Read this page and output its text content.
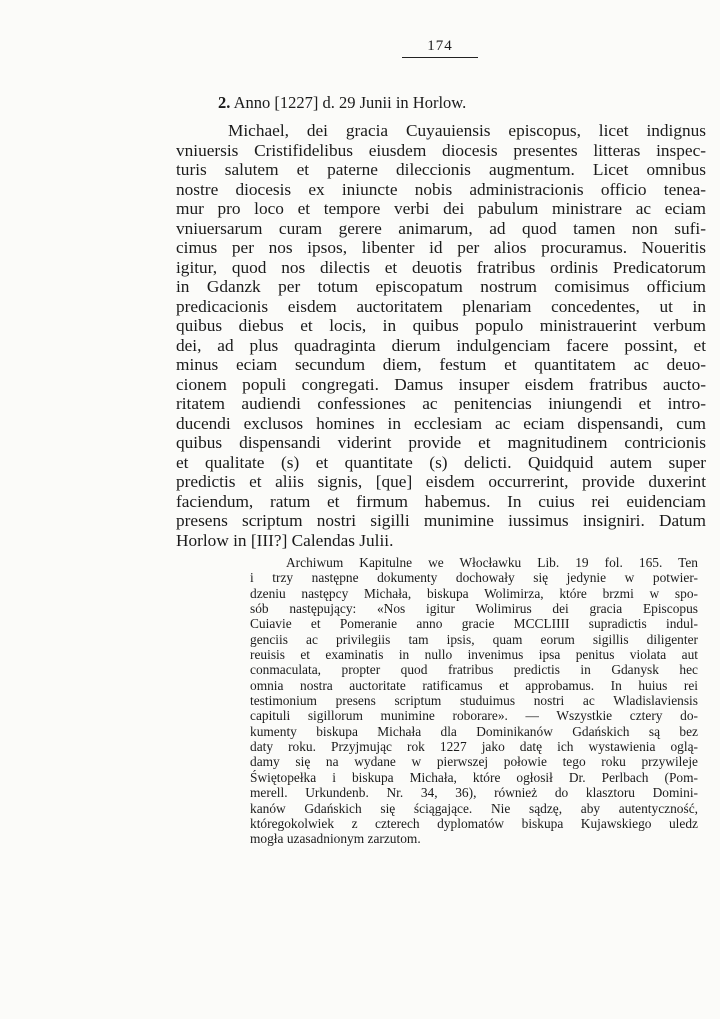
174
2. Anno [1227] d. 29 Junii in Horlow.
Michael, dei gracia Cuyauiensis episcopus, licet indignus
vniuersis Cristifidelibus eiusdem diocesis presentes litteras inspec-
turis salutem et paterne dileccionis augmentum. Licet omnibus
nostre diocesis ex iniuncte nobis administracionis officio tenea-
mur pro loco et tempore verbi dei pabulum ministrare ac eciam
vniuersarum curam gerere animarum, ad quod tamen non sufi-
cimus per nos ipsos, libenter id per alios procuramus. Noueritis
igitur, quod nos dilectis et deuotis fratribus ordinis Predicatorum
in Gdanzk per totum episcopatum nostrum comisimus officium
predicacionis eisdem auctoritatem plenariam concedentes, ut in
quibus diebus et locis, in quibus populo ministrauerint verbum
dei, ad plus quadraginta dierum indulgenciam facere possint, et
minus eciam secundum diem, festum et quantitatem ac deuo-
cionem populi congregati. Damus insuper eisdem fratribus aucto-
ritatem audiendi confessiones ac penitencias iniungendi et intro-
ducendi exclusos homines in ecclesiam ac eciam dispensandi, cum
quibus dispensandi viderint provide et magnitudinem contricionis
et qualitate (s) et quantitate (s) delicti. Quidquid autem super
predictis et aliis signis, [que] eisdem occurrerint, provide duxerint
faciendum, ratum et firmum habemus. In cuius rei euidenciam
presens scriptum nostri sigilli munimine iussimus insigniri. Datum
Horlow in [III?] Calendas Julii.
Archiwum Kapitulne we Włocławku Lib. 19 fol. 165. Ten
i trzy następne dokumenty dochowały się jedynie w potwier-
dzeniu następcy Michała, biskupa Wolimirza, które brzmi w spo-
sób następujący: «Nos igitur Wolimirus dei gracia Episcopus
Cuiavie et Pomeranie anno gracie MCCLIIII supradictis indul-
genciis ac privilegiis tam ipsis, quam eorum sigillis diligenter
reuisis et examinatis in nullo invenimus ipsa penitus violata aut
conmaculata, propter quod fratribus predictis in Gdanysk hec
omnia nostra auctoritate ratificamus et approbamus. In huius rei
testimonium presens scriptum studuimus nostri ac Wladislaviensis
capituli sigillorum munimine roborare». — Wszystkie cztery do-
kumenty biskupa Michała dla Dominikanów Gdańskich są bez
daty roku. Przyjmując rok 1227 jako datę ich wystawienia oglą-
damy się na wydane w pierwszej połowie tego roku przywileje
Świętopełka i biskupa Michała, które ogłosił Dr. Perlbach (Pom-
merell. Urkundenb. Nr. 34, 36), również do klasztoru Domini-
kanów Gdańskich się ściągające. Nie sądzę, aby autentyczność,
któregokolwiek z czterech dyplomatów biskupa Kujawskiego uledz
mogła uzasadnionym zarzutom.
